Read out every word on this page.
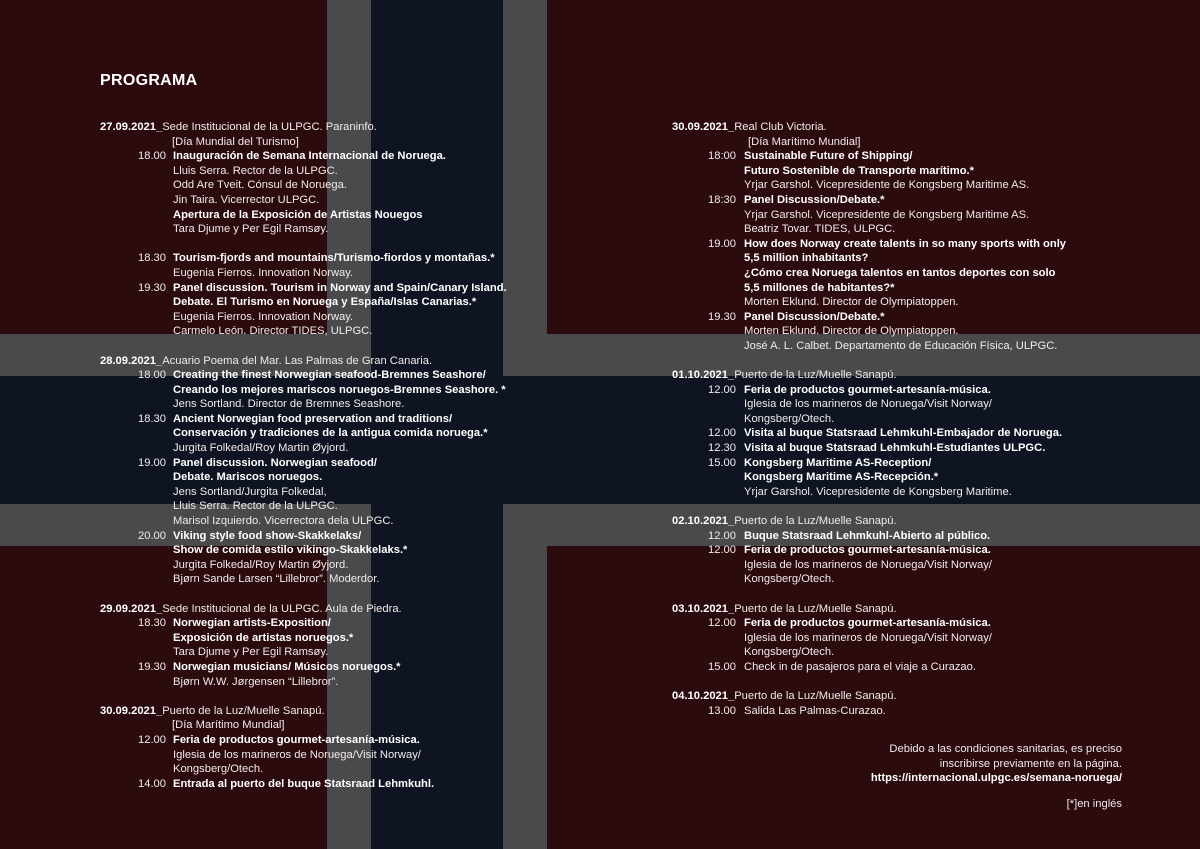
PROGRAMA
27.09.2021_ Sede Institucional de la ULPGC. Paraninfo.
[Día Mundial del Turismo]
18.00 Inauguración de Semana Internacional de Noruega.
Lluis Serra. Rector de la ULPGC.
Odd Are Tveit. Cónsul de Noruega.
Jin Taira. Vicerrector ULPGC.
Apertura de la Exposición de Artistas Nouegos
Tara Djume y Per Egil Ramsøy.
18.30 Tourism-fjords and mountains/Turismo-fiordos y montañas.*
Eugenia Fierros. Innovation Norway.
19.30 Panel discussion. Tourism in Norway and Spain/Canary Island.
Debate. El Turismo en Noruega y España/Islas Canarias.*
Eugenia Fierros. Innovation Norway.
Carmelo León. Director TIDES, ULPGC.
28.09.2021_ Acuario Poema del Mar. Las Palmas de Gran Canaria.
18.00 Creating the finest Norwegian seafood-Bremnes Seashore/
Creando los mejores mariscos noruegos-Bremnes Seashore. *
Jens Sortland. Director de Bremnes Seashore.
18.30 Ancient Norwegian food preservation and traditions/
Conservación y tradiciones de la antigua comida noruega.*
Jurgita Folkedal/Roy Martin Øyjord.
19.00 Panel discussion. Norwegian seafood/
Debate. Mariscos noruegos.
Jens Sortland/Jurgita Folkedal,
Lluis Serra. Rector de la ULPGC.
Marisol Izquierdo. Vicerrectora dela ULPGC.
20.00 Viking style food show-Skakkelaks/
Show de comida estilo vikingo-Skakkelaks.*
Jurgita Folkedal/Roy Martin Øyjord.
Bjørn Sande Larsen “Lillebror”. Moderdor.
29.09.2021_ Sede Institucional de la ULPGC. Aula de Piedra.
18.30 Norwegian artists-Exposition/
Exposición de artistas noruegos.*
Tara Djume y Per Egil Ramsøy.
19.30 Norwegian musicians/ Músicos noruegos.*
Bjørn W.W. Jørgensen “Lillebror”.
30.09.2021_ Puerto de la Luz/Muelle Sanapú.
[Día Marítimo Mundial]
12.00 Feria de productos gourmet-artesanía-música.
Iglesia de los marineros de Noruega/Visit Norway/
Kongsberg/Otech.
14.00 Entrada al puerto del buque Statsraad Lehmkuhl.
30.09.2021_ Real Club Victoria.
[Día Marítimo Mundial]
18:00 Sustainable Future of Shipping/
Futuro Sostenible de Transporte marítimo.*
Yrjar Garshol. Vicepresidente de Kongsberg Maritime AS.
18:30 Panel Discussion/Debate.*
Yrjar Garshol. Vicepresidente de Kongsberg Maritime AS.
Beatriz Tovar. TIDES, ULPGC.
19.00 How does Norway create talents in so many sports with only
5,5 million inhabitants?
¿Cómo crea Noruega talentos en tantos deportes con solo
5,5 millones de habitantes?*
Morten Eklund. Director de Olympiatoppen.
19.30 Panel Discussion/Debate.*
Morten Eklund. Director de Olympiatoppen.
José A. L. Calbet. Departamento de Educación Física, ULPGC.
01.10.2021_ Puerto de la Luz/Muelle Sanapú.
12.00 Feria de productos gourmet-artesanía-música.
Iglesia de los marineros de Noruega/Visit Norway/
Kongsberg/Otech.
12.00 Visita al buque Statsraad Lehmkuhl-Embajador de Noruega.
12.30 Visita al buque Statsraad Lehmkuhl-Estudiantes ULPGC.
15.00 Kongsberg Maritime AS-Reception/
Kongsberg Maritime AS-Recepción.*
Yrjar Garshol. Vicepresidente de Kongsberg Maritime.
02.10.2021_ Puerto de la Luz/Muelle Sanapú.
12.00 Buque Statsraad Lehmkuhl-Abierto al público.
12.00 Feria de productos gourmet-artesanía-música.
Iglesia de los marineros de Noruega/Visit Norway/
Kongsberg/Otech.
03.10.2021_ Puerto de la Luz/Muelle Sanapú.
12.00 Feria de productos gourmet-artesanía-música.
Iglesia de los marineros de Noruega/Visit Norway/
Kongsberg/Otech.
15.00 Check in de pasajeros para el viaje a Curazao.
04.10.2021_ Puerto de la Luz/Muelle Sanapú.
13.00 Salida Las Palmas-Curazao.
Debido a las condiciones sanitarias, es preciso
inscribirse previamente en la página.
https://internacional.ulpgc.es/semana-noruega/
[*]en inglés
